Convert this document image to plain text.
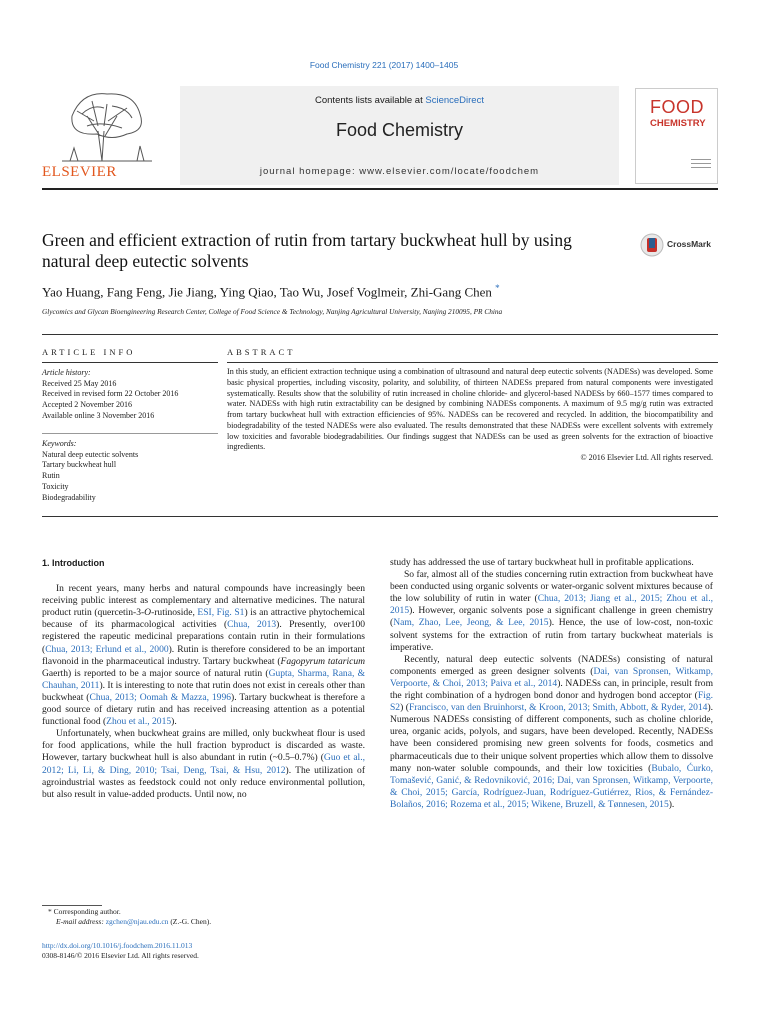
Food Chemistry 221 (2017) 1400–1405
ELSEVIER
Contents lists available at ScienceDirect
Food Chemistry
journal homepage: www.elsevier.com/locate/foodchem
FOOD
CHEMISTRY
Green and efficient extraction of rutin from tartary buckwheat hull by using natural deep eutectic solvents
CrossMark
Yao Huang, Fang Feng, Jie Jiang, Ying Qiao, Tao Wu, Josef Voglmeir, Zhi-Gang Chen *
Glycomics and Glycan Bioengineering Research Center, College of Food Science & Technology, Nanjing Agricultural University, Nanjing 210095, PR China
ARTICLE INFO
Article history:
Received 25 May 2016
Received in revised form 22 October 2016
Accepted 2 November 2016
Available online 3 November 2016
Keywords:
Natural deep eutectic solvents
Tartary buckwheat hull
Rutin
Toxicity
Biodegradability
ABSTRACT
In this study, an efficient extraction technique using a combination of ultrasound and natural deep eutectic solvents (NADESs) was developed. Some basic physical properties, including viscosity, polarity, and solubility, of thirteen NADESs prepared from natural components were investigated systematically. Results show that the solubility of rutin increased in choline chloride- and glycerol-based NADESs by 660–1577 times compared to water. NADESs with high rutin extractability can be designed by combining NADESs components. A maximum of 9.5 mg/g rutin was extracted from tartary buckwheat hull with extraction efficiencies of 95%. NADESs can be recovered and recycled. In addition, the biocompatibility and biodegradability of the tested NADESs were also evaluated. The results demonstrated that these NADESs were excellent solvents with extremely low toxicities and favorable biodegradabilities. Our findings suggest that NADESs can be used as green solvents for the extraction of bioactive ingredients.
© 2016 Elsevier Ltd. All rights reserved.
1. Introduction

In recent years, many herbs and natural compounds have increasingly been receiving public interest as complementary and alternative medicines. The natural product rutin (quercetin-3-O-rutinoside, ESI, Fig. S1) is an attractive phytochemical because of its pharmacological activities (Chua, 2013). Presently, over100 registered the rapeutic medicinal preparations contain rutin in their formulations (Chua, 2013; Erlund et al., 2000). Rutin is therefore considered to be an important flavonoid in the pharmaceutical industry. Tartary buckwheat (Fagopyrum tataricum Gaerth) is reported to be a major source of natural rutin (Gupta, Sharma, Rana, & Chauhan, 2011). It is interesting to note that rutin does not exist in cereals other than buckwheat (Chua, 2013; Oomah & Mazza, 1996). Tartary buckwheat is therefore a good source of dietary rutin and has received increasing attention as a potential functional food (Zhou et al., 2015).

Unfortunately, when buckwheat grains are milled, only buckwheat flour is used for food applications, while the hull fraction byproduct is discarded as waste. However, tartary buckwheat hull is also abundant in rutin (~0.5–0.7%) (Guo et al., 2012; Li, Li, & Ding, 2010; Tsai, Deng, Tsai, & Hsu, 2012). The utilization of agroindustrial wastes as feedstock could not only reduce environmental pollution, but also result in value-added products. Until now, no

study has addressed the use of tartary buckwheat hull in profitable applications.

So far, almost all of the studies concerning rutin extraction from buckwheat have been conducted using organic solvents or water-organic solvent mixtures because of the low solubility of rutin in water (Chua, 2013; Jiang et al., 2015; Zhou et al., 2015). However, organic solvents pose a significant challenge in green chemistry (Nam, Zhao, Lee, Jeong, & Lee, 2015). Hence, the use of low-cost, non-toxic solvent systems for the extraction of rutin from tartary buckwheat materials is imperative.

Recently, natural deep eutectic solvents (NADESs) consisting of natural components emerged as green designer solvents (Dai, van Spronsen, Witkamp, Verpoorte, & Choi, 2013; Paiva et al., 2014). NADESs can, in principle, result from the right combination of a hydrogen bond donor and hydrogen bond acceptor (Fig. S2) (Francisco, van den Bruinhorst, & Kroon, 2013; Smith, Abbott, & Ryder, 2014). Numerous NADESs consisting of different components, such as choline chloride, urea, organic acids, polyols, and sugars, have been developed. Recently, NADESs have been considered promising new green solvents for foods, cosmetics and pharmaceuticals due to their unique solvent properties which allow them to dissolve many non-water soluble compounds, and their low toxicities (Bubalo, Ćurko, Tomašević, Ganić, & Redovniković, 2016; Dai, van Spronsen, Witkamp, Verpoorte, & Choi, 2015; García, Rodríguez-Juan, Rodríguez-Gutiérrez, Rios, & Fernández-Bolaños, 2016; Rozema et al., 2015; Wikene, Bruzell, & Tønnesen, 2015).

* Corresponding author.
E-mail address: zgchen@njau.edu.cn (Z.-G. Chen).
http://dx.doi.org/10.1016/j.foodchem.2016.11.013
0308-8146/© 2016 Elsevier Ltd. All rights reserved.
